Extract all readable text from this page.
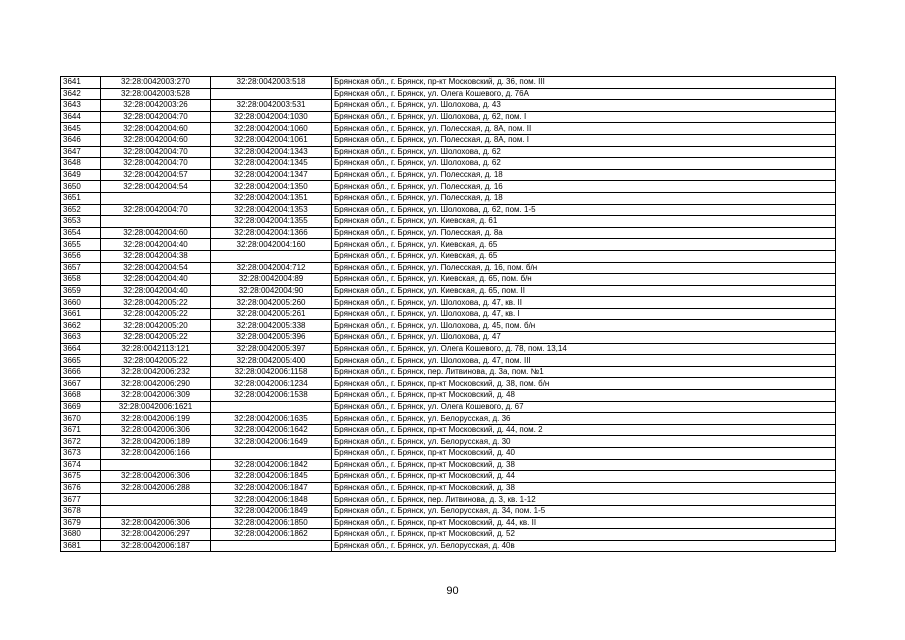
3641	32:28:0042003:270	32:28:0042003:518	Брянская обл., г. Брянск, пр-кт Московский, д. 36, пом. III
3642	32:28:0042003:528		Брянская обл., г. Брянск, ул. Олега Кошевого, д. 76А
3643	32:28:0042003:26	32:28:0042003:531	Брянская обл., г. Брянск, ул. Шолохова, д. 43
3644	32:28:0042004:70	32:28:0042004:1030	Брянская обл., г. Брянск, ул. Шолохова, д. 62, пом. I
3645	32:28:0042004:60	32:28:0042004:1060	Брянская обл., г. Брянск, ул. Полесская, д. 8А, пом. II
3646	32:28:0042004:60	32:28:0042004:1061	Брянская обл., г. Брянск, ул. Полесская, д. 8А, пом. I
3647	32:28:0042004:70	32:28:0042004:1343	Брянская обл., г. Брянск, ул. Шолохова, д. 62
3648	32:28:0042004:70	32:28:0042004:1345	Брянская обл., г. Брянск, ул. Шолохова, д. 62
3649	32:28:0042004:57	32:28:0042004:1347	Брянская обл., г. Брянск, ул. Полесская, д. 18
3650	32:28:0042004:54	32:28:0042004:1350	Брянская обл., г. Брянск, ул. Полесская, д. 16
3651		32:28:0042004:1351	Брянская обл., г. Брянск, ул. Полесская, д. 18
3652	32:28:0042004:70	32:28:0042004:1353	Брянская обл., г. Брянск, ул. Шолохова, д. 62, пом. 1-5
3653		32:28:0042004:1355	Брянская обл., г. Брянск, ул. Киевская, д. 61
3654	32:28:0042004:60	32:28:0042004:1366	Брянская обл., г. Брянск, ул. Полесская, д. 8а
3655	32:28:0042004:40	32:28:0042004:160	Брянская обл., г. Брянск, ул. Киевская, д. 65
3656	32:28:0042004:38		Брянская обл., г. Брянск, ул. Киевская, д. 65
3657	32:28:0042004:54	32:28:0042004:712	Брянская обл., г. Брянск, ул. Полесская, д. 16, пом. б/н
3658	32:28:0042004:40	32:28:0042004:89	Брянская обл., г. Брянск, ул. Киевская, д. 65, пом. б/н
3659	32:28:0042004:40	32:28:0042004:90	Брянская обл., г. Брянск, ул. Киевская, д. 65, пом. II
3660	32:28:0042005:22	32:28:0042005:260	Брянская обл., г. Брянск, ул. Шолохова, д. 47, кв. II
3661	32:28:0042005:22	32:28:0042005:261	Брянская обл., г. Брянск, ул. Шолохова, д. 47, кв. I
3662	32:28:0042005:20	32:28:0042005:338	Брянская обл., г. Брянск, ул. Шолохова, д. 45, пом. б/н
3663	32:28:0042005:22	32:28:0042005:396	Брянская обл., г. Брянск, ул. Шолохова, д. 47
3664	32:28:0042113:121	32:28:0042005:397	Брянская обл., г. Брянск, ул. Олега Кошевого, д. 78, пом. 13,14
3665	32:28:0042005:22	32:28:0042005:400	Брянская обл., г. Брянск, ул. Шолохова, д. 47, пом. III
3666	32:28:0042006:232	32:28:0042006:1158	Брянская обл., г. Брянск, пер. Литвинова, д. 3а, пом. №1
3667	32:28:0042006:290	32:28:0042006:1234	Брянская обл., г. Брянск, пр-кт Московский, д. 38, пом. б/н
3668	32:28:0042006:309	32:28:0042006:1538	Брянская обл., г. Брянск, пр-кт Московский, д. 48
3669	32:28:0042006:1621		Брянская обл., г. Брянск, ул. Олега Кошевого, д. 67
3670	32:28:0042006:199	32:28:0042006:1635	Брянская обл., г. Брянск, ул. Белорусская, д. 36
3671	32:28:0042006:306	32:28:0042006:1642	Брянская обл., г. Брянск, пр-кт Московский, д. 44, пом. 2
3672	32:28:0042006:189	32:28:0042006:1649	Брянская обл., г. Брянск, ул. Белорусская, д. 30
3673	32:28:0042006:166		Брянская обл., г. Брянск, пр-кт Московский, д. 40
3674		32:28:0042006:1842	Брянская обл., г. Брянск, пр-кт Московский, д. 38
3675	32:28:0042006:306	32:28:0042006:1845	Брянская обл., г. Брянск, пр-кт Московский, д. 44
3676	32:28:0042006:288	32:28:0042006:1847	Брянская обл., г. Брянск, пр-кт Московский, д. 38
3677		32:28:0042006:1848	Брянская обл., г. Брянск, пер. Литвинова, д. 3, кв. 1-12
3678		32:28:0042006:1849	Брянская обл., г. Брянск, ул. Белорусская, д. 34, пом. 1-5
3679	32:28:0042006:306	32:28:0042006:1850	Брянская обл., г. Брянск, пр-кт Московский, д. 44, кв. II
3680	32:28:0042006:297	32:28:0042006:1862	Брянская обл., г. Брянск, пр-кт Московский, д. 52
3681	32:28:0042006:187		Брянская обл., г. Брянск, ул. Белорусская, д. 40в
90
